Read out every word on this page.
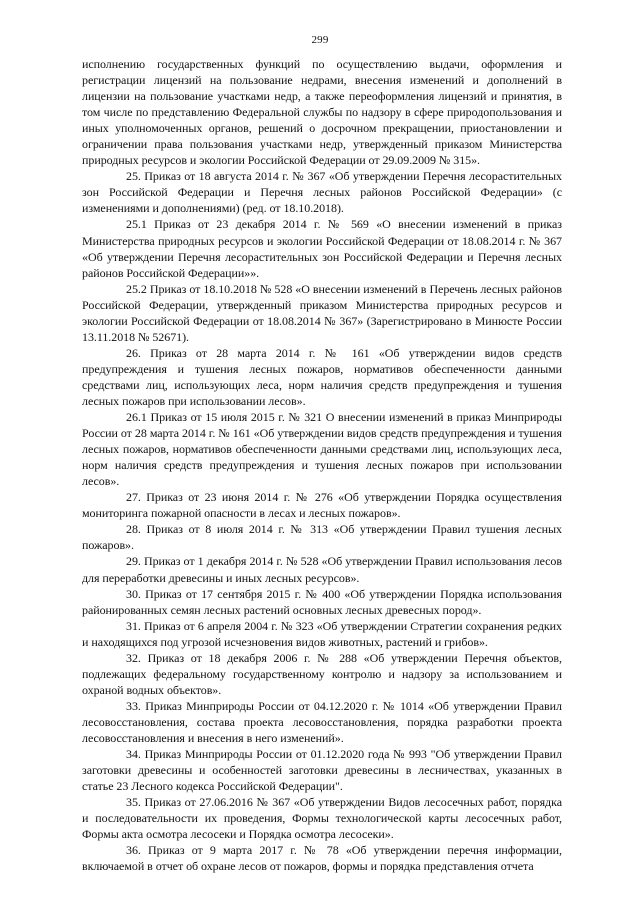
299

исполнению государственных функций по осуществлению выдачи, оформления и регистрации лицензий на пользование недрами, внесения изменений и дополнений в лицензии на пользование участками недр, а также переоформления лицензий и принятия, в том числе по представлению Федеральной службы по надзору в сфере природопользования и иных уполномоченных органов, решений о досрочном прекращении, приостановлении и ограничении права пользования участками недр, утвержденный приказом Министерства природных ресурсов и экологии Российской Федерации от 29.09.2009 № 315».

25. Приказ от 18 августа 2014 г. № 367 «Об утверждении Перечня лесорастительных зон Российской Федерации и Перечня лесных районов Российской Федерации» (с изменениями и дополнениями) (ред. от 18.10.2018).

25.1 Приказ от 23 декабря 2014 г. № 569 «О внесении изменений в приказ Министерства природных ресурсов и экологии Российской Федерации от 18.08.2014 г. № 367 «Об утверждении Перечня лесорастительных зон Российской Федерации и Перечня лесных районов Российской Федерации»».

25.2 Приказ от 18.10.2018 № 528 «О внесении изменений в Перечень лесных районов Российской Федерации, утвержденный приказом Министерства природных ресурсов и экологии Российской Федерации от 18.08.2014 № 367» (Зарегистрировано в Минюсте России 13.11.2018 № 52671).

26. Приказ от 28 марта 2014 г. № 161 «Об утверждении видов средств предупреждения и тушения лесных пожаров, нормативов обеспеченности данными средствами лиц, использующих леса, норм наличия средств предупреждения и тушения лесных пожаров при использовании лесов».

26.1 Приказ от 15 июля 2015 г. № 321 О внесении изменений в приказ Минприроды России от 28 марта 2014 г. № 161 «Об утверждении видов средств предупреждения и тушения лесных пожаров, нормативов обеспеченности данными средствами лиц, использующих леса, норм наличия средств предупреждения и тушения лесных пожаров при использовании лесов».

27. Приказ от 23 июня 2014 г. № 276 «Об утверждении Порядка осуществления мониторинга пожарной опасности в лесах и лесных пожаров».

28. Приказ от 8 июля 2014 г. № 313 «Об утверждении Правил тушения лесных пожаров».

29. Приказ от 1 декабря 2014 г. № 528 «Об утверждении Правил использования лесов для переработки древесины и иных лесных ресурсов».

30. Приказ от 17 сентября 2015 г. № 400 «Об утверждении Порядка использования районированных семян лесных растений основных лесных древесных пород».

31. Приказ от 6 апреля 2004 г. № 323 «Об утверждении Стратегии сохранения редких и находящихся под угрозой исчезновения видов животных, растений и грибов».

32. Приказ от 18 декабря 2006 г. № 288 «Об утверждении Перечня объектов, подлежащих федеральному государственному контролю и надзору за использованием и охраной водных объектов».

33. Приказ Минприроды России от 04.12.2020 г. № 1014 «Об утверждении Правил лесовосстановления, состава проекта лесовосстановления, порядка разработки проекта лесовосстановления и внесения в него изменений».

34. Приказ Минприроды России от 01.12.2020 года № 993 "Об утверждении Правил заготовки древесины и особенностей заготовки древесины в лесничествах, указанных в статье 23 Лесного кодекса Российской Федерации".

35. Приказ от 27.06.2016 № 367 «Об утверждении Видов лесосечных работ, порядка и последовательности их проведения, Формы технологической карты лесосечных работ, Формы акта осмотра лесосеки и Порядка осмотра лесосеки».

36. Приказ от 9 марта 2017 г. № 78 «Об утверждении перечня информации, включаемой в отчет об охране лесов от пожаров, формы и порядка представления отчета
